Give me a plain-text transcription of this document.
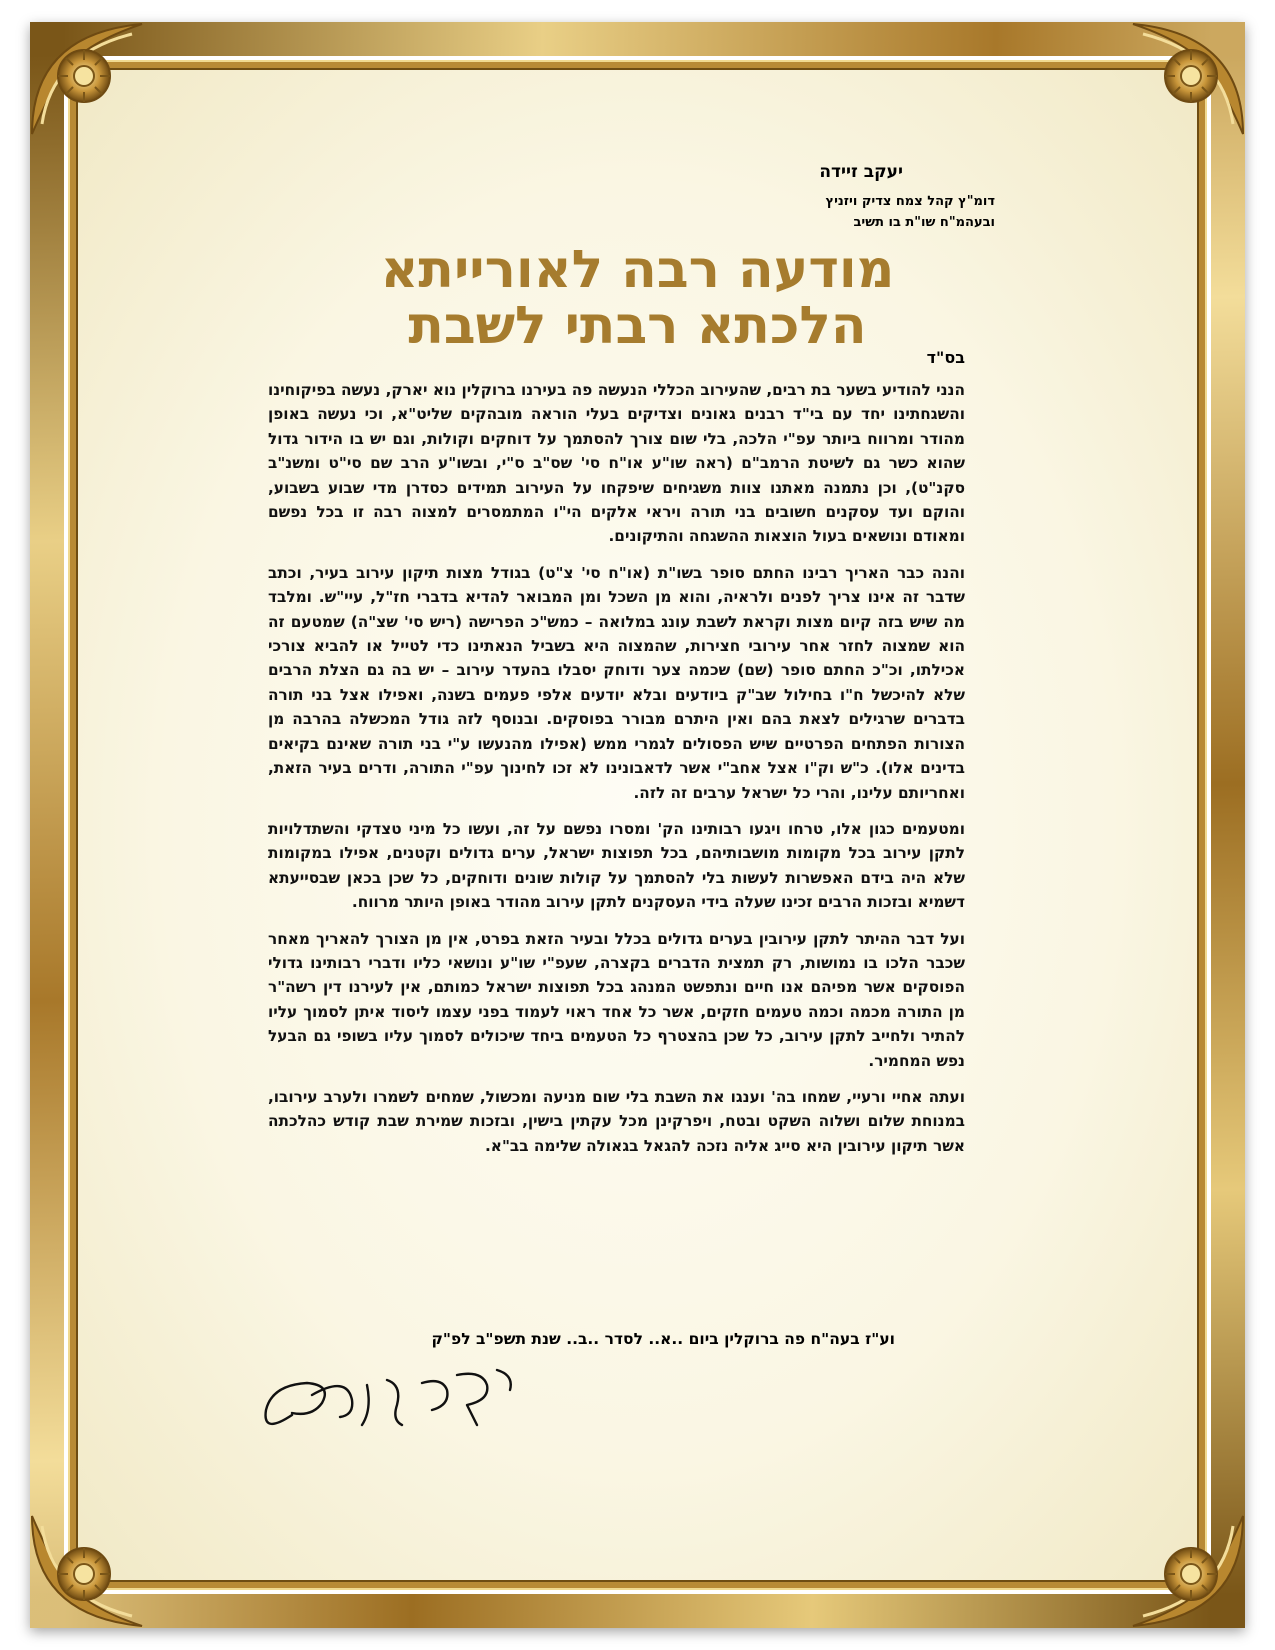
יעקב זיידה
דומ"ץ קהל צמח צדיק ויזניץ
ובעהמ"ח שו"ת בו תשיב
מודעה רבה לאורייתא
הלכתא רבתי לשבת
בס"ד

הנני להודיע בשער בת רבים, שהעירוב הכללי הנעשה פה בעירנו ברוקלין נוא יארק, נעשה בפיקוחינו והשגחתינו יחד עם בי"ד רבנים גאונים וצדיקים בעלי הוראה מובהקים שליט"א, וכי נעשה באופן מהודר ומרווח ביותר עפ"י הלכה, בלי שום צורך להסתמך על דוחקים וקולות, וגם יש בו הידור גדול שהוא כשר גם לשיטת הרמב"ם (ראה שו"ע או"ח סי' שס"ב ס"י, ובשו"ע הרב שם סי"ט ומשנ"ב סקנ"ט), וכן נתמנה מאתנו צוות משגיחים שיפקחו על העירוב תמידים כסדרן מדי שבוע בשבוע, והוקם ועד עסקנים חשובים בני תורה ויראי אלקים הי"ו המתמסרים למצוה רבה זו בכל נפשם ומאודם ונושאים בעול הוצאות ההשגחה והתיקונים.

והנה כבר האריך רבינו החתם סופר בשו"ת (או"ח סי' צ"ט) בגודל מצות תיקון עירוב בעיר, וכתב שדבר זה אינו צריך לפנים ולראיה, והוא מן השכל ומן המבואר להדיא בדברי חז"ל, עיי"ש. ומלבד מה שיש בזה קיום מצות וקראת לשבת עונג במלואה – כמש"כ הפרישה (ריש סי' שצ"ה) שמטעם זה הוא שמצוה לחזר אחר עירובי חצירות, שהמצוה היא בשביל הנאתינו כדי לטייל או להביא צורכי אכילתו, וכ"כ החתם סופר (שם) שכמה צער ודוחק יסבלו בהעדר עירוב – יש בה גם הצלת הרבים שלא להיכשל ח"ו בחילול שב"ק ביודעים ובלא יודעים אלפי פעמים בשנה, ואפילו אצל בני תורה בדברים שרגילים לצאת בהם ואין היתרם מבורר בפוסקים. ובנוסף לזה גודל המכשלה בהרבה מן הצורות הפתחים הפרטיים שיש הפסולים לגמרי ממש (אפילו מהנעשו ע"י בני תורה שאינם בקיאים בדינים אלו). כ"ש וק"ו אצל אחב"י אשר לדאבונינו לא זכו לחינוך עפ"י התורה, ודרים בעיר הזאת, ואחריותם עלינו, והרי כל ישראל ערבים זה לזה.

ומטעמים כגון אלו, טרחו ויגעו רבותינו הק' ומסרו נפשם על זה, ועשו כל מיני טצדקי והשתדלויות לתקן עירוב בכל מקומות מושבותיהם, בכל תפוצות ישראל, ערים גדולים וקטנים, אפילו במקומות שלא היה בידם האפשרות לעשות בלי להסתמך על קולות שונים ודוחקים, כל שכן בכאן שבסייעתא דשמיא ובזכות הרבים זכינו שעלה בידי העסקנים לתקן עירוב מהודר באופן היותר מרווח.

ועל דבר ההיתר לתקן עירובין בערים גדולים בכלל ובעיר הזאת בפרט, אין מן הצורך להאריך מאחר שכבר הלכו בו נמושות, רק תמצית הדברים בקצרה, שעפ"י שו"ע ונושאי כליו ודברי רבותינו גדולי הפוסקים אשר מפיהם אנו חיים ונתפשט המנהג בכל תפוצות ישראל כמותם, אין לעירנו דין רשה"ר מן התורה מכמה וכמה טעמים חזקים, אשר כל אחד ראוי לעמוד בפני עצמו ליסוד איתן לסמוך עליו להתיר ולחייב לתקן עירוב, כל שכן בהצטרף כל הטעמים ביחד שיכולים לסמוך עליו בשופי גם הבעל נפש המחמיר.

ועתה אחיי ורעיי, שמחו בה' וענגו את השבת בלי שום מניעה ומכשול, שמחים לשמרו ולערב עירובו, במנוחת שלום ושלוה השקט ובטח, ויפרקינן מכל עקתין בישין, ובזכות שמירת שבת קודש כהלכתה אשר תיקון עירובין היא סייג אליה נזכה להגאל בגאולה שלימה בב"א.

וע"ז בעה"ח פה ברוקלין ביום ..א.. לסדר ..ב.. שנת תשפ"ב לפ"ק
